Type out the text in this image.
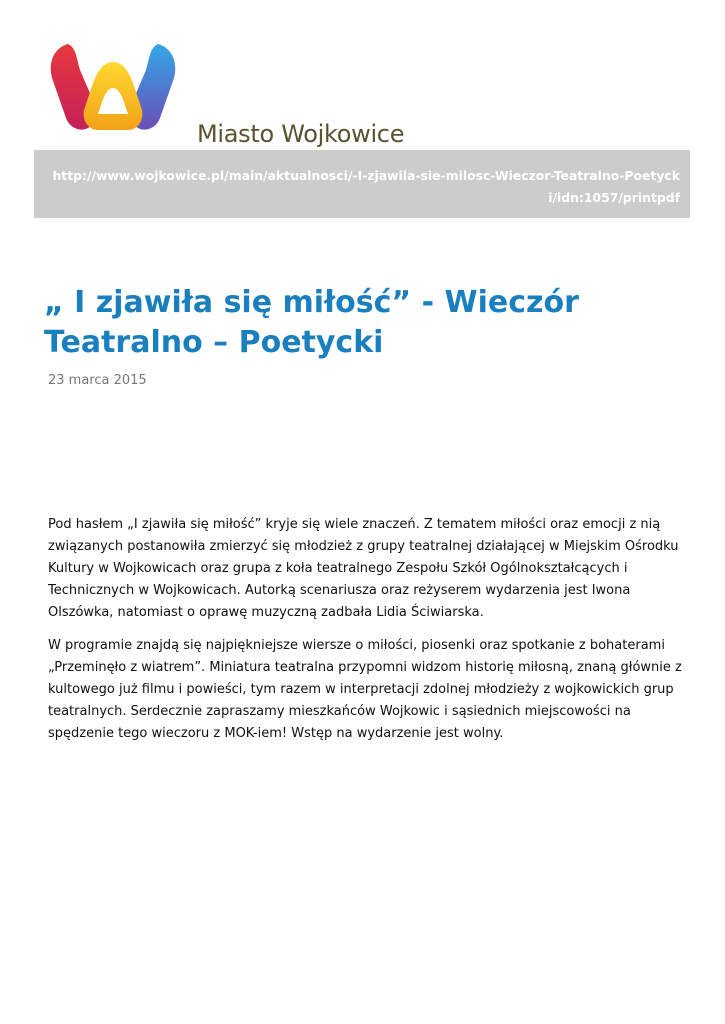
Miasto Wojkowice
http://www.wojkowice.pl/main/aktualnosci/-I-zjawila-sie-milosc-Wieczor-Teatralno-Poetycki/idn:1057/printpdf
„ I zjawiła się miłość” - Wieczór Teatralno – Poetycki
23 marca 2015

Pod hasłem „I zjawiła się miłość” kryje się wiele znaczeń. Z tematem miłości oraz emocji z nią związanych postanowiła zmierzyć się młodzież z grupy teatralnej działającej w Miejskim Ośrodku Kultury w Wojkowicach oraz grupa z koła teatralnego Zespołu Szkół Ogólnokształcących i Technicznych w Wojkowicach. Autorką scenariusza oraz reżyserem wydarzenia jest Iwona Olszówka, natomiast o oprawę muzyczną zadbała Lidia Ściwiarska.

W programie znajdą się najpiękniejsze wiersze o miłości, piosenki oraz spotkanie z bohaterami „Przeminęło z wiatrem”. Miniatura teatralna przypomni widzom historię miłosną, znaną głównie z kultowego już filmu i powieści, tym razem w interpretacji zdolnej młodzieży z wojkowickich grup teatralnych. Serdecznie zapraszamy mieszkańców Wojkowic i sąsiednich miejscowości na spędzenie tego wieczoru z MOK-iem! Wstęp na wydarzenie jest wolny.
